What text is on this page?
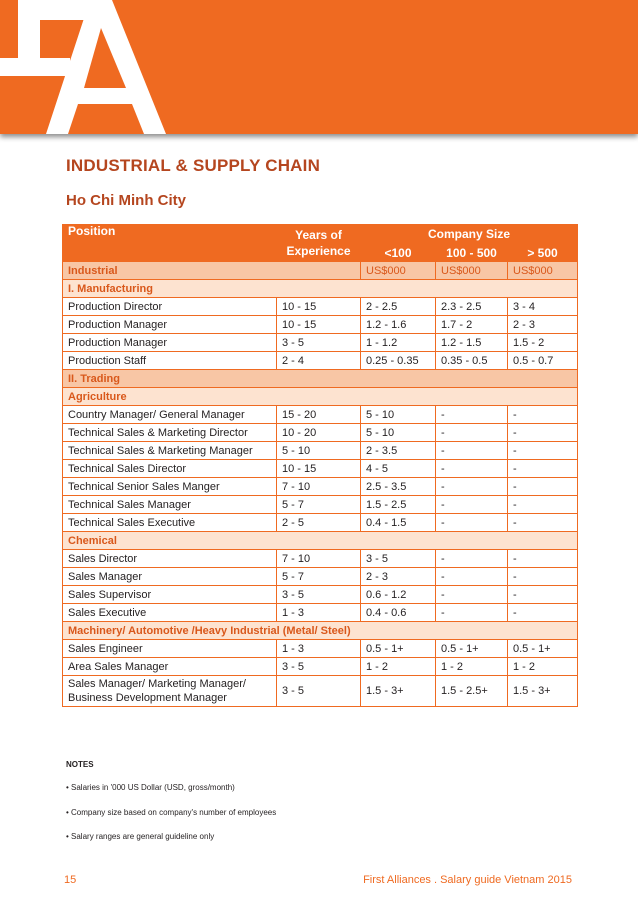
INDUSTRIAL & SUPPLY CHAIN
Ho Chi Minh City
Position	Years of Experience	Company Size		
		<100	100 - 500	> 500
Industrial		US$000	US$000	US$000
I. Manufacturing				

Production Director	10 - 15	2 - 2.5	2.3 - 2.5	3 - 4

Production Manager	10 - 15	1.2 - 1.6	1.7 - 2	2 - 3

Production Manager	3 - 5	1 - 1.2	1.2 - 1.5	1.5 - 2

Production Staff	2 - 4	0.25 - 0.35	0.35 - 0.5	0.5 - 0.7
II. Trading				
Agriculture				

Country Manager/ General Manager	15 - 20	5 - 10	-	-

Technical Sales & Marketing Director	10 - 20	5 - 10	-	-

Technical Sales & Marketing Manager	5 - 10	2 - 3.5	-	-

Technical Sales Director	10 - 15	4 - 5	-	-

Technical Senior Sales Manger	7 - 10	2.5 - 3.5	-	-

Technical Sales Manager	5 - 7	1.5 - 2.5	-	-

Technical Sales Executive	2 - 5	0.4 - 1.5	-	-
Chemical				

Sales Director	7 - 10	3 - 5	-	-

Sales Manager	5 - 7	2 - 3	-	-

Sales Supervisor	3 - 5	0.6 - 1.2	-	-

Sales Executive	1 - 3	0.4 - 0.6	-	-
Machinery/ Automotive /Heavy Industrial (Metal/ Steel)				

Sales Engineer	1 - 3	0.5 - 1+	0.5 - 1+	0.5 - 1+

Area Sales Manager	3 - 5	1 - 2	1 - 2	1 - 2

Sales Manager/ Marketing Manager/ Business Development Manager	3 - 5	1.5 - 3+	1.5 - 2.5+	1.5 - 3+
NOTES
• Salaries in '000 US Dollar (USD, gross/month)
• Company size based on company's number of employees
• Salary ranges are general guideline only
15	First Alliances . Salary guide Vietnam 2015
